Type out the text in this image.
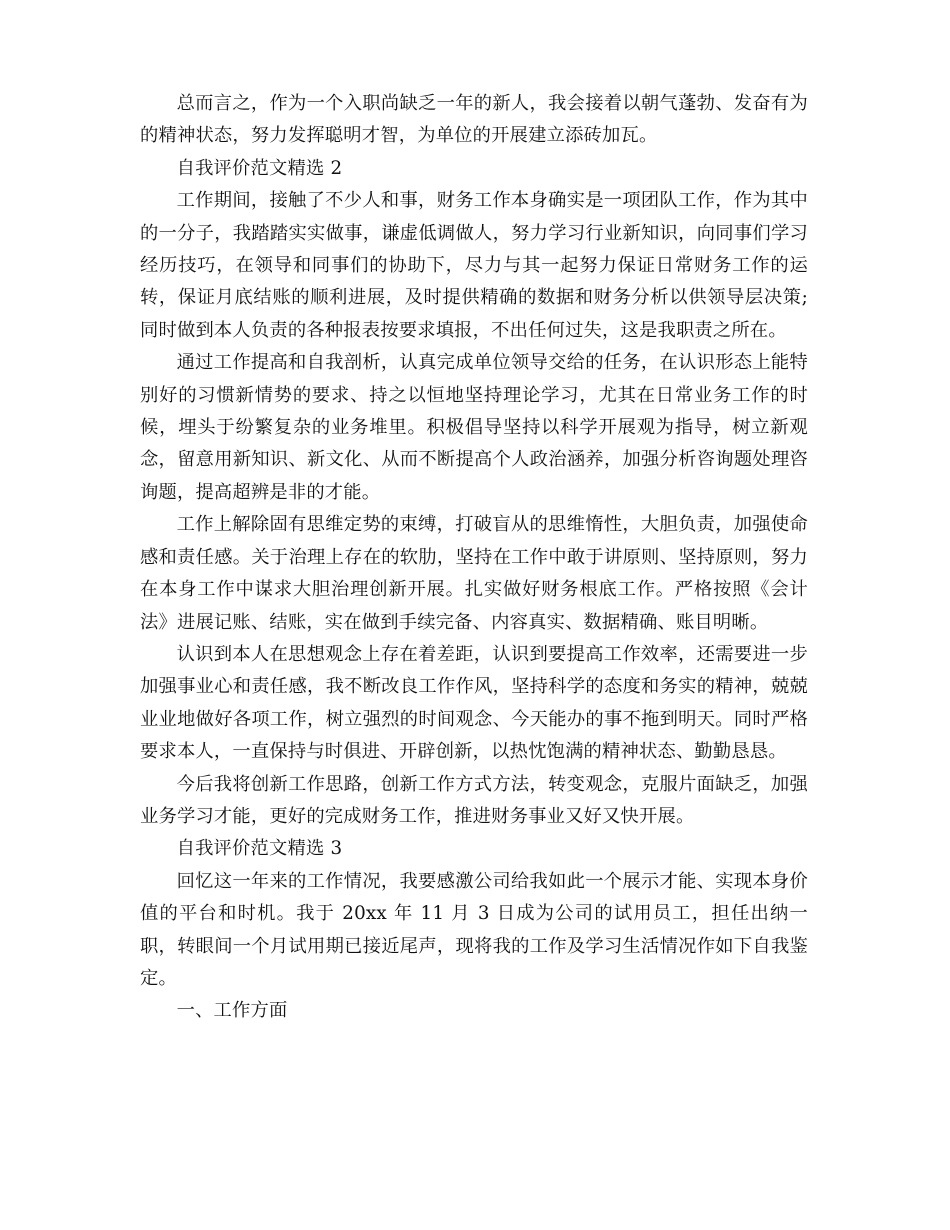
总而言之，作为一个入职尚缺乏一年的新人，我会接着以朝气蓬勃、发奋有为的精神状态，努力发挥聪明才智，为单位的开展建立添砖加瓦。

自我评价范文精选 2

工作期间，接触了不少人和事，财务工作本身确实是一项团队工作，作为其中的一分子，我踏踏实实做事，谦虚低调做人，努力学习行业新知识，向同事们学习经历技巧，在领导和同事们的协助下，尽力与其一起努力保证日常财务工作的运转，保证月底结账的顺利进展，及时提供精确的数据和财务分析以供领导层决策;同时做到本人负责的各种报表按要求填报，不出任何过失，这是我职责之所在。

通过工作提高和自我剖析，认真完成单位领导交给的任务，在认识形态上能特别好的习惯新情势的要求、持之以恒地坚持理论学习，尤其在日常业务工作的时候，埋头于纷繁复杂的业务堆里。积极倡导坚持以科学开展观为指导，树立新观念，留意用新知识、新文化、从而不断提高个人政治涵养，加强分析咨询题处理咨询题，提高超辨是非的才能。

工作上解除固有思维定势的束缚，打破盲从的思维惰性，大胆负责，加强使命感和责任感。关于治理上存在的软肋，坚持在工作中敢于讲原则、坚持原则，努力在本身工作中谋求大胆治理创新开展。扎实做好财务根底工作。严格按照《会计法》进展记账、结账，实在做到手续完备、内容真实、数据精确、账目明晰。

认识到本人在思想观念上存在着差距，认识到要提高工作效率，还需要进一步加强事业心和责任感，我不断改良工作作风，坚持科学的态度和务实的精神，兢兢业业地做好各项工作，树立强烈的时间观念、今天能办的事不拖到明天。同时严格要求本人，一直保持与时俱进、开辟创新，以热忱饱满的精神状态、勤勤恳恳。

今后我将创新工作思路，创新工作方式方法，转变观念，克服片面缺乏，加强业务学习才能，更好的完成财务工作，推进财务事业又好又快开展。

自我评价范文精选 3

回忆这一年来的工作情况，我要感激公司给我如此一个展示才能、实现本身价值的平台和时机。我于 20xx 年 11 月 3 日成为公司的试用员工，担任出纳一职，转眼间一个月试用期已接近尾声，现将我的工作及学习生活情况作如下自我鉴定。

一、工作方面
